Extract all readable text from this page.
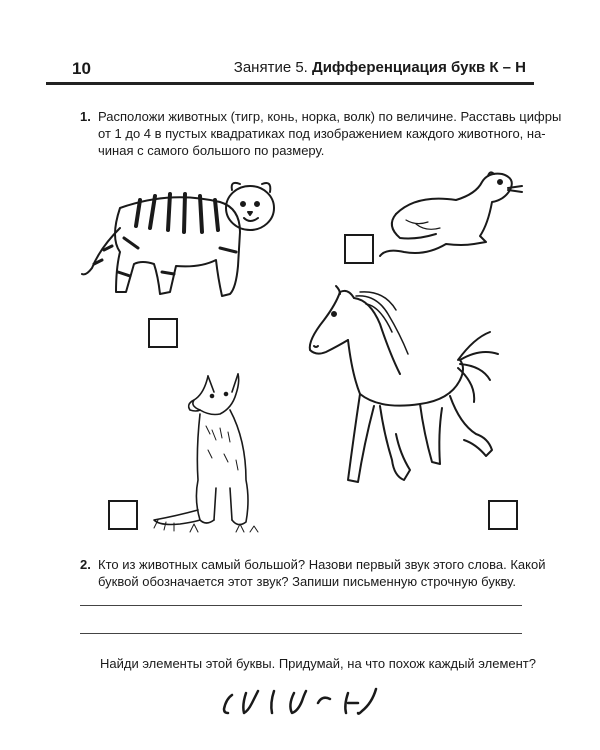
10	Занятие 5. Дифференциация букв К – Н
1. Расположи животных (тигр, конь, норка, волк) по величине. Расставь цифры
от 1 до 4 в пустых квадратиках под изображением каждого животного, на-
чиная с самого большого по размеру.
2. Кто из животных самый большой? Назови первый звук этого слова. Какой
буквой обозначается этот звук? Запиши письменную строчную букву.
Найди элементы этой буквы. Придумай, на что похож каждый элемент?
